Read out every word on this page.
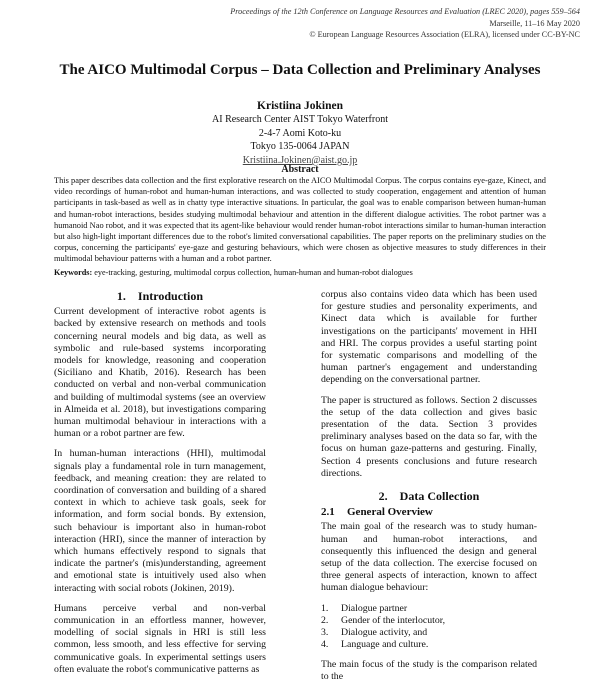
Proceedings of the 12th Conference on Language Resources and Evaluation (LREC 2020), pages 559–564
Marseille, 11–16 May 2020
© European Language Resources Association (ELRA), licensed under CC-BY-NC
The AICO Multimodal Corpus – Data Collection and Preliminary Analyses
Kristiina Jokinen
AI Research Center AIST Tokyo Waterfront
2-4-7 Aomi Koto-ku
Tokyo 135-0064 JAPAN
Kristiina.Jokinen@aist.go.jp
Abstract
This paper describes data collection and the first explorative research on the AICO Multimodal Corpus. The corpus contains eye-gaze, Kinect, and video recordings of human-robot and human-human interactions, and was collected to study cooperation, engagement and attention of human participants in task-based as well as in chatty type interactive situations. In particular, the goal was to enable comparison between human-human and human-robot interactions, besides studying multimodal behaviour and attention in the different dialogue activities. The robot partner was a humanoid Nao robot, and it was expected that its agent-like behaviour would render human-robot interactions similar to human-human interaction but also high-light important differences due to the robot's limited conversational capabilities. The paper reports on the preliminary studies on the corpus, concerning the participants' eye-gaze and gesturing behaviours, which were chosen as objective measures to study differences in their multimodal behaviour patterns with a human and a robot partner.
Keywords: eye-tracking, gesturing, multimodal corpus collection, human-human and human-robot dialogues
1. Introduction

Current development of interactive robot agents is backed by extensive research on methods and tools concerning neural models and big data, as well as symbolic and rule-based systems incorporating models for knowledge, reasoning and cooperation (Siciliano and Khatib, 2016). Research has been conducted on verbal and non-verbal communication and building of multimodal systems (see an overview in Almeida et al. 2018), but investigations comparing human multimodal behaviour in interactions with a human or a robot partner are few.

In human-human interactions (HHI), multimodal signals play a fundamental role in turn management, feedback, and meaning creation: they are related to coordination of conversation and building of a shared context in which to achieve task goals, seek for information, and form social bonds. By extension, such behaviour is important also in human-robot interaction (HRI), since the manner of interaction by which humans effectively respond to signals that indicate the partner's (mis)understanding, agreement and emotional state is intuitively used also when interacting with social robots (Jokinen, 2019).

Humans perceive verbal and non-verbal communication in an effortless manner, however, modelling of social signals in HRI is still less common, less smooth, and less effective for serving communicative goals. In experimental settings users often evaluate the robot's communicative patterns as

corpus also contains video data which has been used for gesture studies and personality experiments, and Kinect data which is available for further investigations on the participants' movement in HHI and HRI. The corpus provides a useful starting point for systematic comparisons and modelling of the human partner's engagement and understanding depending on the conversational partner.

The paper is structured as follows. Section 2 discusses the setup of the data collection and gives basic presentation of the data. Section 3 provides preliminary analyses based on the data so far, with the focus on human gaze-patterns and gesturing. Finally, Section 4 presents conclusions and future research directions.

2. Data Collection
2.1 General Overview

The main goal of the research was to study human-human and human-robot interactions, and consequently this influenced the design and general setup of the data collection. The exercise focused on three general aspects of interaction, known to affect human dialogue behaviour:

1. Dialogue partner
2. Gender of the interlocutor,
3. Dialogue activity, and
4. Language and culture.

The main focus of the study is the comparison related to the
